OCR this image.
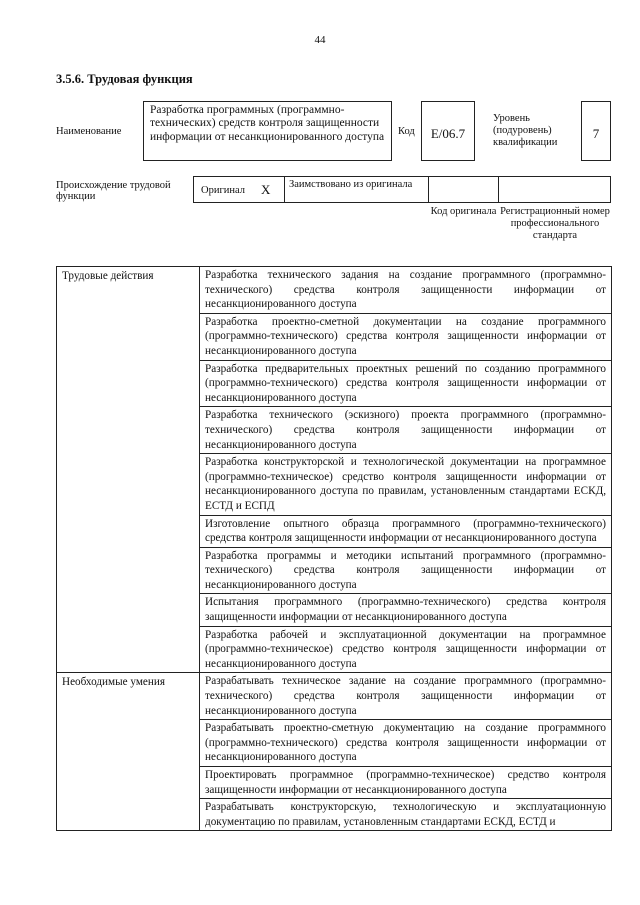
44
3.5.6. Трудовая функция
Наименование
Разработка программных (программно-технических) средств контроля защищенности информации от несанкционированного доступа	Код	E/06.7
Уровень (подуровень) квалификации
7
Происхождение трудовой функции
Оригинал X	Заимствовано из оригинала
Код оригинала Регистрационный номер профессионального стандарта
Трудовые действия	Разработка технического задания на создание программного (программно-технического) средства контроля защищенности информации от несанкционированного доступа
	Разработка проектно-сметной документации на создание программного (программно-технического) средства контроля защищенности информации от несанкционированного доступа
	Разработка предварительных проектных решений по созданию программного (программно-технического) средства контроля защищенности информации от несанкционированного доступа
	Разработка технического (эскизного) проекта программного (программно-технического) средства контроля защищенности информации от несанкционированного доступа
	Разработка конструкторской и технологической документации на программное (программно-техническое) средство контроля защищенности информации от несанкционированного доступа по правилам, установленным стандартами ЕСКД, ЕСТД и ЕСПД
	Изготовление опытного образца программного (программно-технического) средства контроля защищенности информации от несанкционированного доступа
	Разработка программы и методики испытаний программного (программно-технического) средства контроля защищенности информации от несанкционированного доступа
	Испытания программного (программно-технического) средства контроля защищенности информации от несанкционированного доступа
	Разработка рабочей и эксплуатационной документации на программное (программно-техническое) средство контроля защищенности информации от несанкционированного доступа
Необходимые умения	Разрабатывать техническое задание на создание программного (программно-технического) средства контроля защищенности информации от несанкционированного доступа
	Разрабатывать проектно-сметную документацию на создание программного (программно-технического) средства контроля защищенности информации от несанкционированного доступа
	Проектировать программное (программно-техническое) средство контроля защищенности информации от несанкционированного доступа
	Разрабатывать конструкторскую, технологическую и эксплуатационную документацию по правилам, установленным стандартами ЕСКД, ЕСТД и
